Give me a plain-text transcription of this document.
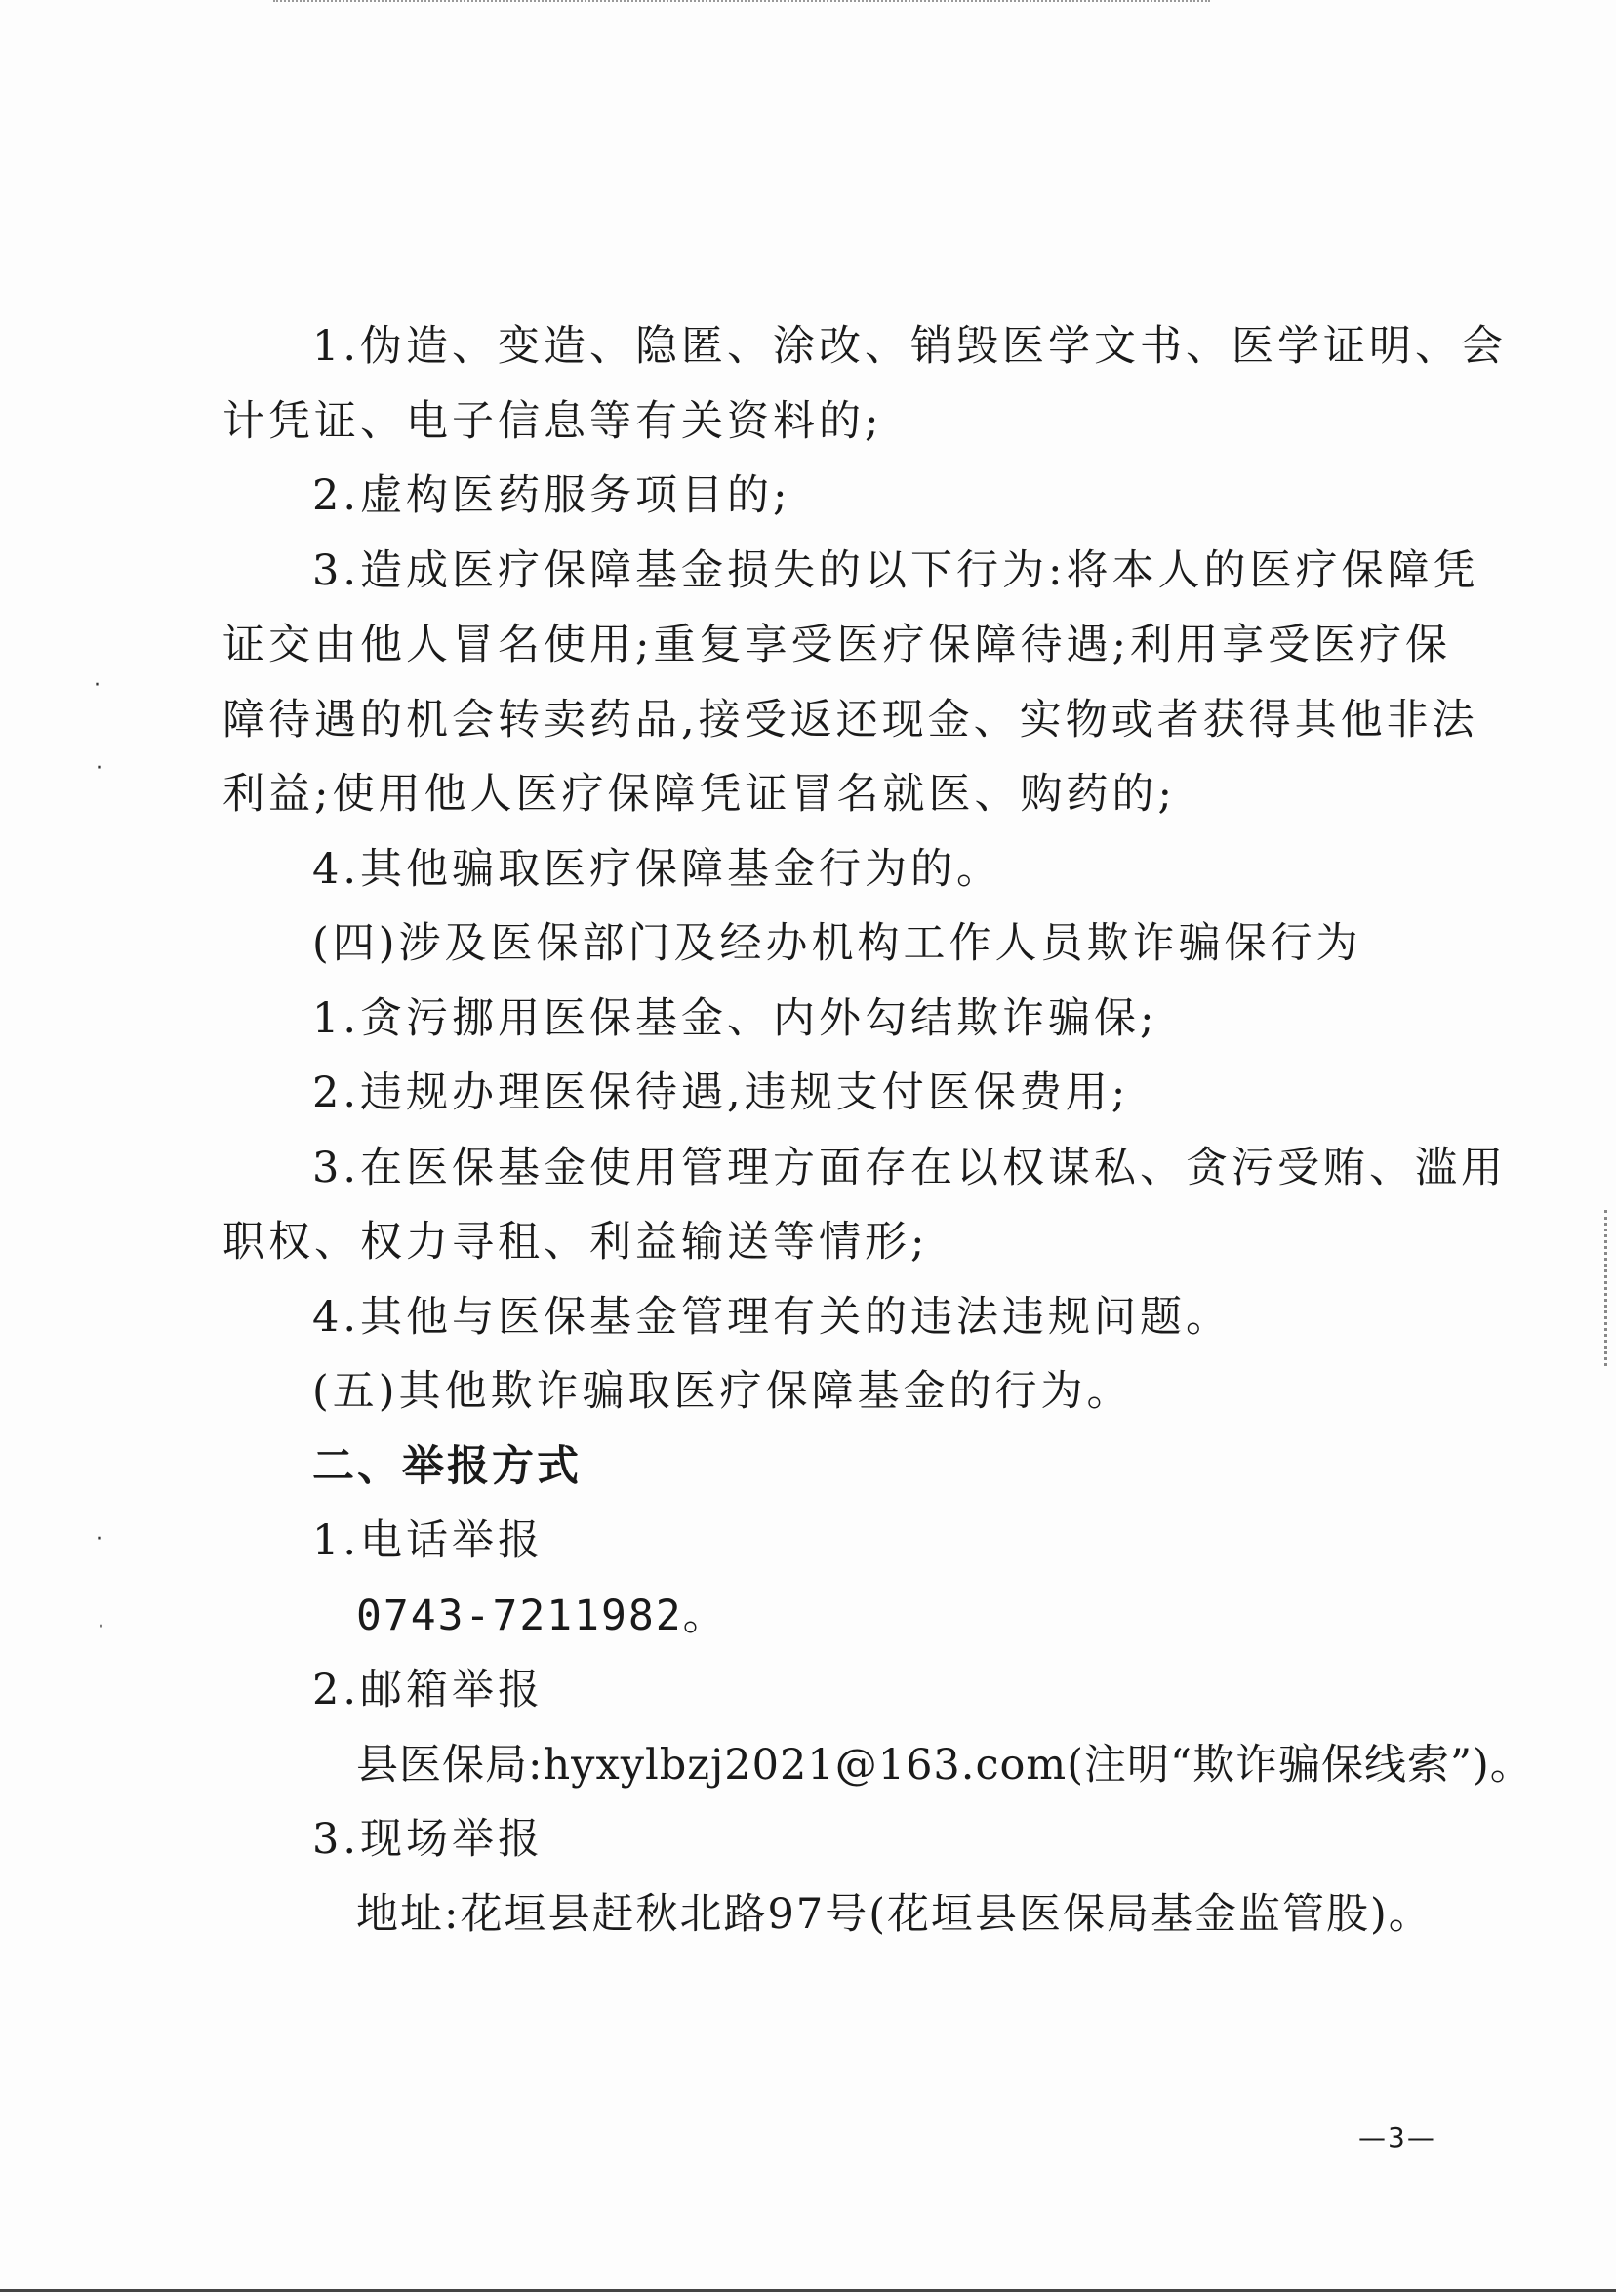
1.伪造、变造、隐匿、涂改、销毁医学文书、医学证明、会
计凭证、电子信息等有关资料的;
2.虚构医药服务项目的;
3.造成医疗保障基金损失的以下行为:将本人的医疗保障凭
证交由他人冒名使用;重复享受医疗保障待遇;利用享受医疗保
障待遇的机会转卖药品,接受返还现金、实物或者获得其他非法
利益;使用他人医疗保障凭证冒名就医、购药的;
4.其他骗取医疗保障基金行为的。
(四)涉及医保部门及经办机构工作人员欺诈骗保行为
1.贪污挪用医保基金、内外勾结欺诈骗保;
2.违规办理医保待遇,违规支付医保费用;
3.在医保基金使用管理方面存在以权谋私、贪污受贿、滥用
职权、权力寻租、利益输送等情形;
4.其他与医保基金管理有关的违法违规问题。
(五)其他欺诈骗取医疗保障基金的行为。
二、举报方式
1.电话举报
0743-7211982。
2.邮箱举报
县医保局:hyxylbzj2021@163.com(注明“欺诈骗保线索”)。
3.现场举报
地址:花垣县赶秋北路97号(花垣县医保局基金监管股)。
—3—
·
·
·
·
